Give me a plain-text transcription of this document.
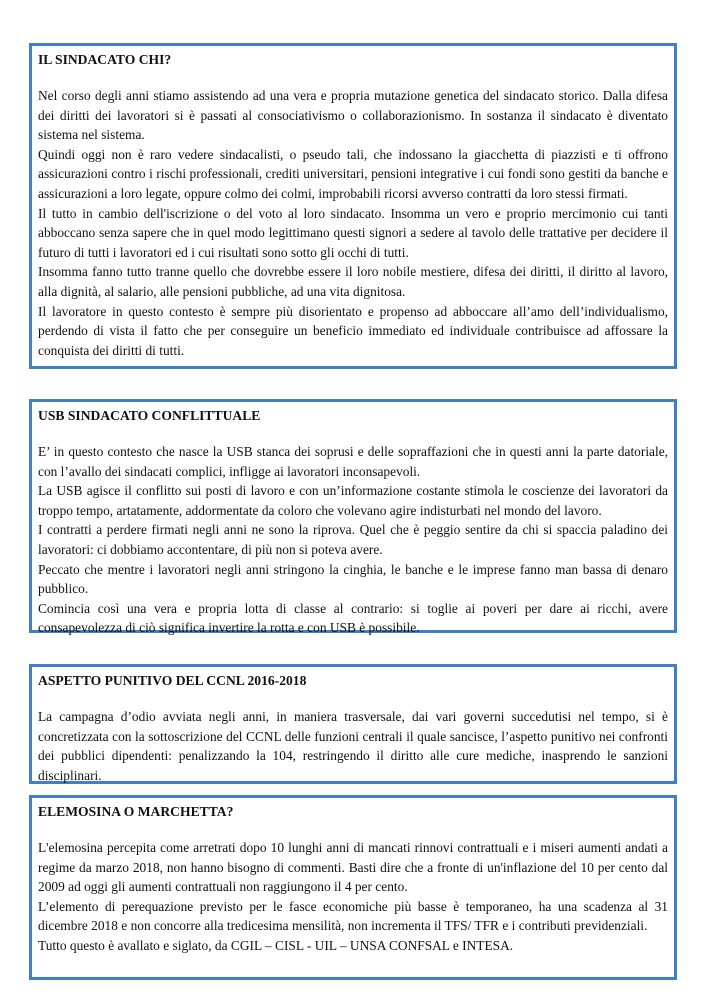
IL SINDACATO CHI?

Nel corso degli anni stiamo assistendo ad una vera e propria mutazione genetica del sindacato storico. Dalla difesa dei diritti dei lavoratori si è passati al consociativismo o collaborazionismo. In sostanza il sindacato è diventato sistema nel sistema.

Quindi oggi non è raro vedere sindacalisti, o pseudo tali, che indossano la giacchetta di piazzisti e ti offrono assicurazioni contro i rischi professionali, crediti universitari, pensioni integrative i cui fondi sono gestiti da banche e assicurazioni a loro legate, oppure colmo dei colmi, improbabili ricorsi avverso contratti da loro stessi firmati.

Il tutto in cambio dell'iscrizione o del voto al loro sindacato. Insomma un vero e proprio mercimonio cui tanti abboccano senza sapere che in quel modo legittimano questi signori a sedere al tavolo delle trattative per decidere il futuro di tutti i lavoratori ed i cui risultati sono sotto gli occhi di tutti.

Insomma fanno tutto tranne quello che dovrebbe essere il loro nobile mestiere, difesa dei diritti, il diritto al lavoro, alla dignità, al salario, alle pensioni pubbliche, ad una vita dignitosa.

Il lavoratore in questo contesto è sempre più disorientato e propenso ad abboccare all’amo dell’individualismo, perdendo di vista il fatto che per conseguire un beneficio immediato ed individuale contribuisce ad affossare la conquista dei diritti di tutti.

USB SINDACATO CONFLITTUALE

E’ in questo contesto che nasce la USB stanca dei soprusi e delle sopraffazioni che in questi anni la parte datoriale, con l’avallo dei sindacati complici, infligge ai lavoratori inconsapevoli.

La USB agisce il conflitto sui posti di lavoro e con un’informazione costante stimola le coscienze dei lavoratori da troppo tempo, artatamente, addormentate da coloro che volevano agire indisturbati nel mondo del lavoro.

I contratti a perdere firmati negli anni ne sono la riprova. Quel che è peggio sentire da chi si spaccia paladino dei lavoratori: ci dobbiamo accontentare, di più non si poteva avere.

Peccato che mentre i lavoratori negli anni stringono la cinghia, le banche e le imprese fanno man bassa di denaro pubblico.

Comincia così una vera e propria lotta di classe al contrario: si toglie ai poveri per dare ai ricchi, avere consapevolezza di ciò significa invertire la rotta e con USB è possibile.

ASPETTO PUNITIVO DEL CCNL 2016-2018

La campagna d’odio avviata negli anni, in maniera trasversale, dai vari governi succedutisi nel tempo, si è concretizzata con la sottoscrizione del CCNL delle funzioni centrali il quale sancisce, l’aspetto punitivo nei confronti dei pubblici dipendenti: penalizzando la 104, restringendo il diritto alle cure mediche, inasprendo le sanzioni disciplinari.

ELEMOSINA O MARCHETTA?

L'elemosina percepita come arretrati dopo 10 lunghi anni di mancati rinnovi contrattuali e i miseri aumenti andati a regime da marzo 2018, non hanno bisogno di commenti. Basti dire che a fronte di un'inflazione del 10 per cento dal 2009 ad oggi gli aumenti contrattuali non raggiungono il 4 per cento.

L’elemento di perequazione previsto per le fasce economiche più basse è temporaneo, ha una scadenza al 31 dicembre 2018 e non concorre alla tredicesima mensilità, non incrementa il TFS/ TFR e i contributi previdenziali.

Tutto questo è avallato e siglato, da CGIL – CISL - UIL – UNSA CONFSAL e INTESA.
